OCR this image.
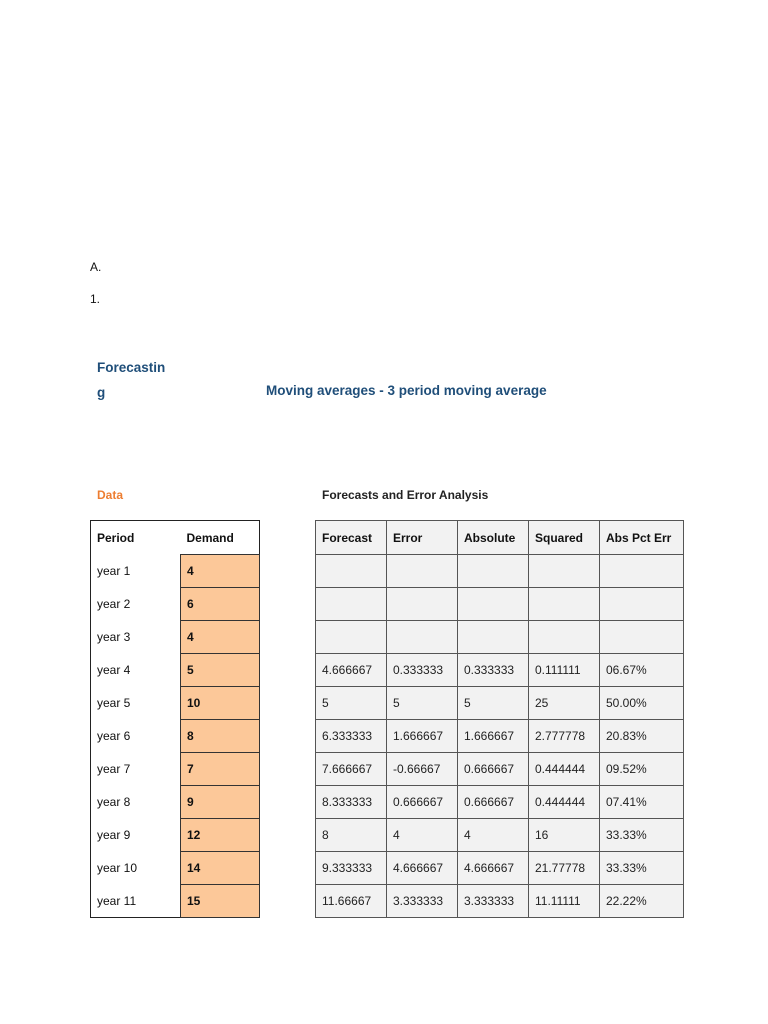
A.
1.
Forecastin
g	Moving averages - 3 period moving average
Data	Forecasts and Error Analysis
Period	Demand
year 1	4
year 2	6
year 3	4
year 4	5
year 5	10
year 6	8
year 7	7
year 8	9
year 9	12
year 10	14
year 11	15
Forecast	Error	Absolute	Squared	Abs Pct Err

4.666667	0.333333	0.333333	0.111111	06.67%
5	5	5	25	50.00%
6.333333	1.666667	1.666667	2.777778	20.83%
7.666667	-0.66667	0.666667	0.444444	09.52%
8.333333	0.666667	0.666667	0.444444	07.41%
8	4	4	16	33.33%
9.333333	4.666667	4.666667	21.77778	33.33%
11.66667	3.333333	3.333333	11.11111	22.22%
